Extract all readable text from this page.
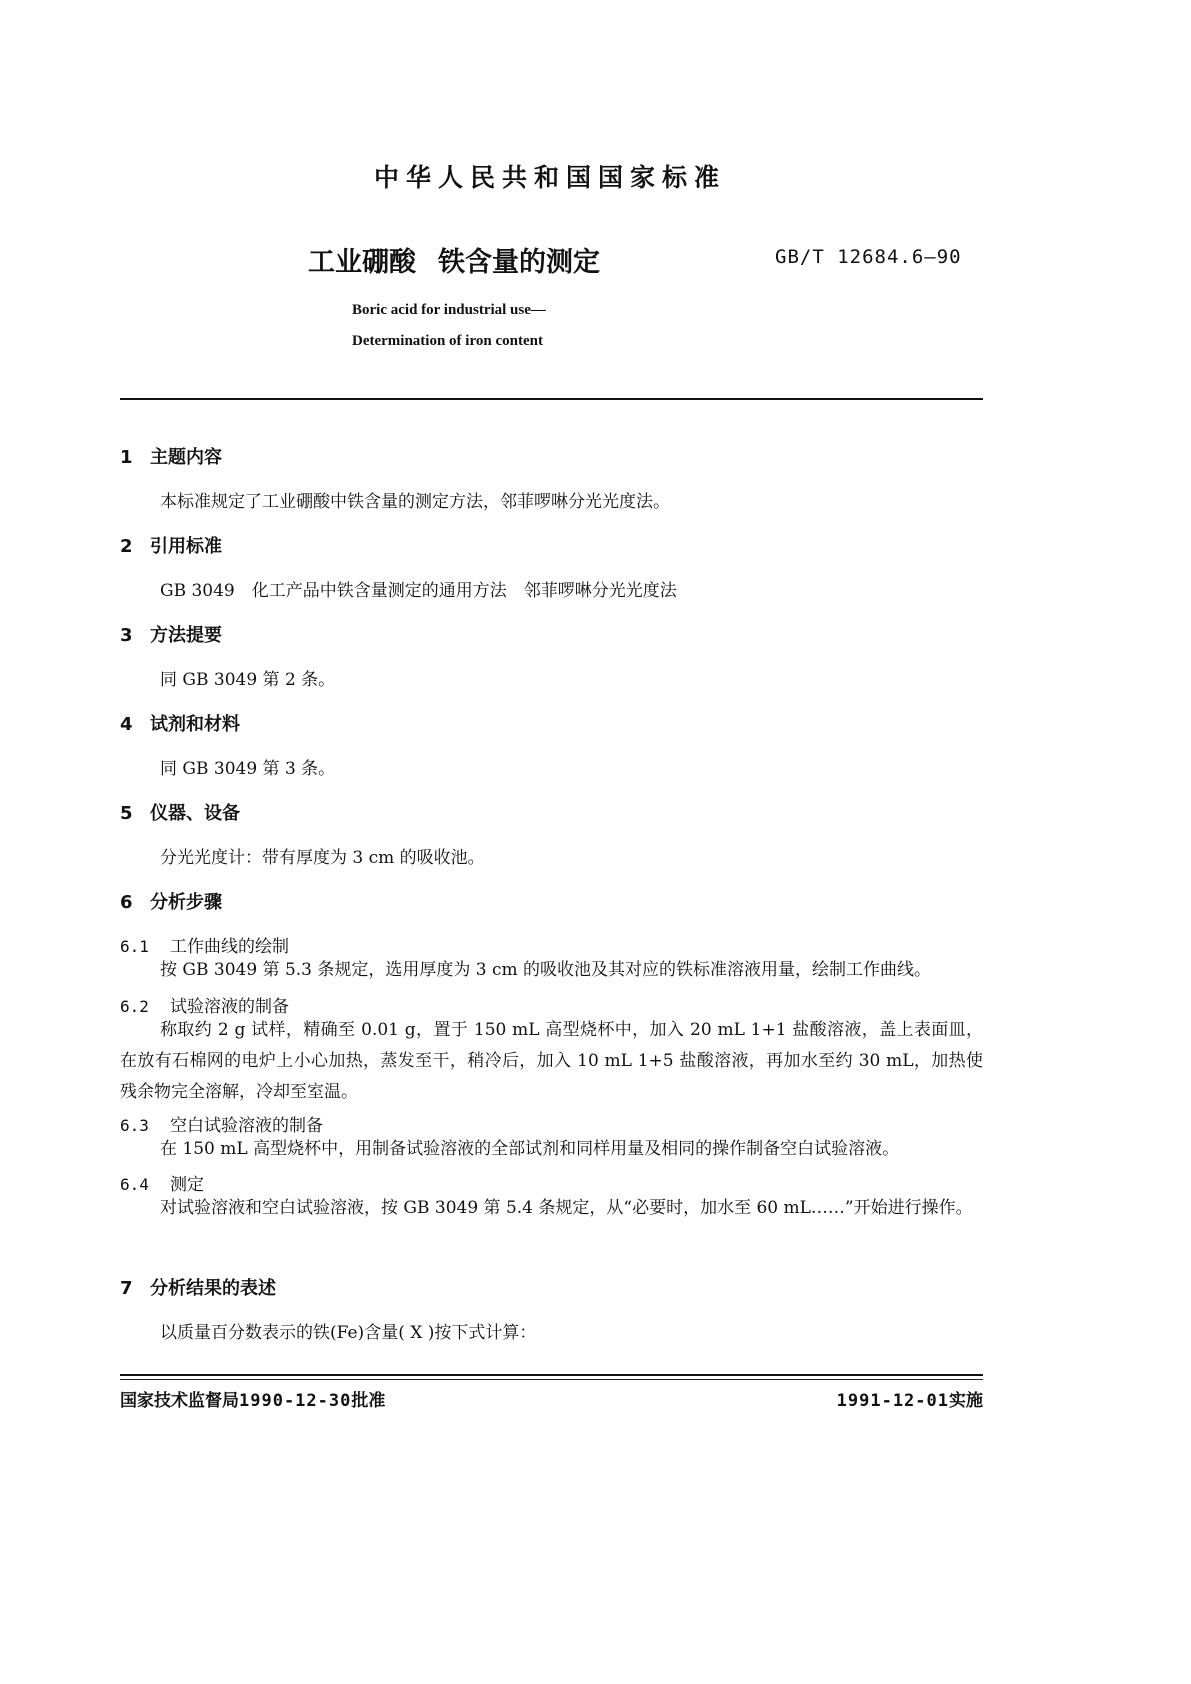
中华人民共和国国家标准
工业硼酸 铁含量的测定	GB/T 12684.6—90
Boric acid for industrial use—
Determination of iron content
1 主题内容
本标准规定了工业硼酸中铁含量的测定方法，邻菲啰啉分光光度法。
2 引用标准
GB 3049　化工产品中铁含量测定的通用方法　邻菲啰啉分光光度法
3 方法提要
同 GB 3049 第 2 条。
4 试剂和材料
同 GB 3049 第 3 条。
5 仪器、设备
分光光度计：带有厚度为 3 cm 的吸收池。
6 分析步骤
6.1 工作曲线的绘制
按 GB 3049 第 5.3 条规定，选用厚度为 3 cm 的吸收池及其对应的铁标准溶液用量，绘制工作曲线。
6.2 试验溶液的制备
称取约 2 g 试样，精确至 0.01 g，置于 150 mL 高型烧杯中，加入 20 mL 1+1 盐酸溶液，盖上表面皿，在放有石棉网的电炉上小心加热，蒸发至干，稍冷后，加入 10 mL 1+5 盐酸溶液，再加水至约 30 mL，加热使残余物完全溶解，冷却至室温。
6.3 空白试验溶液的制备
在 150 mL 高型烧杯中，用制备试验溶液的全部试剂和同样用量及相同的操作制备空白试验溶液。
6.4 测定
对试验溶液和空白试验溶液，按 GB 3049 第 5.4 条规定，从“必要时，加水至 60 mL……”开始进行操作。
7 分析结果的表述
以质量百分数表示的铁(Fe)含量( X )按下式计算：
国家技术监督局1990-12-30批准	1991-12-01实施
